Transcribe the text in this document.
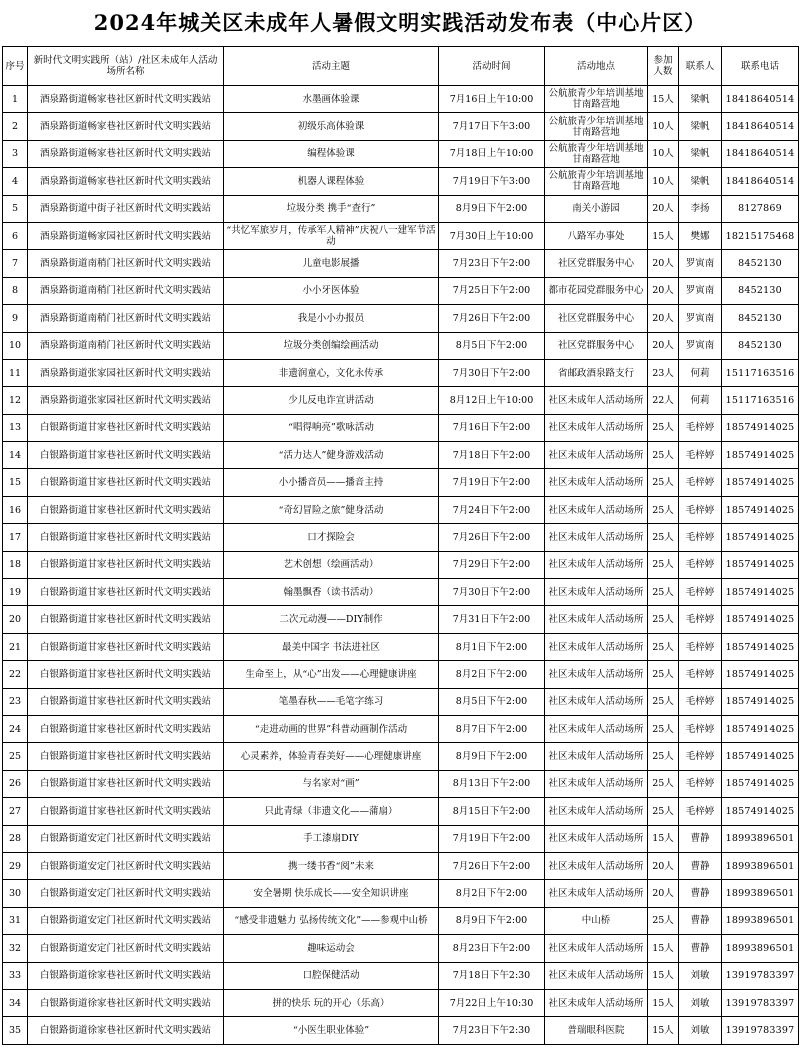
2024年城关区未成年人暑假文明实践活动发布表（中心片区）
序号	新时代文明实践所（站）/社区未成年人活动场所名称	活动主题	活动时间	活动地点	参加人数	联系人	联系电话
1	酒泉路街道畅家巷社区新时代文明实践站	水墨画体验课	7月16日上午10:00	公航旅青少年培训基地甘南路营地	15人	梁帆	18418640514
2	酒泉路街道畅家巷社区新时代文明实践站	初级乐高体验课	7月17日下午3:00	公航旅青少年培训基地甘南路营地	10人	梁帆	18418640514
3	酒泉路街道畅家巷社区新时代文明实践站	编程体验课	7月18日上午10:00	公航旅青少年培训基地甘南路营地	10人	梁帆	18418640514
4	酒泉路街道畅家巷社区新时代文明实践站	机器人课程体验	7月19日下午3:00	公航旅青少年培训基地甘南路营地	10人	梁帆	18418640514
5	酒泉路街道中街子社区新时代文明实践站	垃圾分类 携手“查行”	8月9日下午2:00	南关小游园	20人	李扬	8127869
6	酒泉路街道畅家园社区新时代文明实践站	“共忆军旅岁月，传承军人精神”庆祝八一建军节活动	7月30日上午10:00	八路军办事处	15人	樊娜	18215175468
7	酒泉路街道南稍门社区新时代文明实践站	儿童电影展播	7月23日下午2:00	社区党群服务中心	20人	罗寅南	8452130
8	酒泉路街道南稍门社区新时代文明实践站	小小牙医体验	7月25日下午2:00	都市花园党群服务中心	20人	罗寅南	8452130
9	酒泉路街道南稍门社区新时代文明实践站	我是小小办报员	7月26日下午2:00	社区党群服务中心	20人	罗寅南	8452130
10	酒泉路街道南稍门社区新时代文明实践站	垃圾分类创编绘画活动	8月5日下午2:00	社区党群服务中心	20人	罗寅南	8452130
11	酒泉路街道张家园社区新时代文明实践站	非遗润童心，文化永传承	7月30日下午2:00	省邮政酒泉路支行	23人	何莉	15117163516
12	酒泉路街道张家园社区新时代文明实践站	少儿反电诈宣讲活动	8月12日上午10:00	社区未成年人活动场所	22人	何莉	15117163516
13	白银路街道甘家巷社区新时代文明实践站	“唱得响亮”歌咏活动	7月16日下午2:00	社区未成年人活动场所	25人	毛梓婷	18574914025
14	白银路街道甘家巷社区新时代文明实践站	“活力达人”健身游戏活动	7月18日下午2:00	社区未成年人活动场所	25人	毛梓婷	18574914025
15	白银路街道甘家巷社区新时代文明实践站	小小播音员——播音主持	7月19日下午2:00	社区未成年人活动场所	25人	毛梓婷	18574914025
16	白银路街道甘家巷社区新时代文明实践站	“奇幻冒险之旅”健身活动	7月24日下午2:00	社区未成年人活动场所	25人	毛梓婷	18574914025
17	白银路街道甘家巷社区新时代文明实践站	口才探险会	7月26日下午2:00	社区未成年人活动场所	25人	毛梓婷	18574914025
18	白银路街道甘家巷社区新时代文明实践站	艺术创想（绘画活动）	7月29日下午2:00	社区未成年人活动场所	25人	毛梓婷	18574914025
19	白银路街道甘家巷社区新时代文明实践站	翰墨飘香（读书活动）	7月30日下午2:00	社区未成年人活动场所	25人	毛梓婷	18574914025
20	白银路街道甘家巷社区新时代文明实践站	二次元动漫——DIY制作	7月31日下午2:00	社区未成年人活动场所	25人	毛梓婷	18574914025
21	白银路街道甘家巷社区新时代文明实践站	最美中国字 书法进社区	8月1日下午2:00	社区未成年人活动场所	25人	毛梓婷	18574914025
22	白银路街道甘家巷社区新时代文明实践站	生命至上，从“心”出发——心理健康讲座	8月2日下午2:00	社区未成年人活动场所	25人	毛梓婷	18574914025
23	白银路街道甘家巷社区新时代文明实践站	笔墨春秋——毛笔字练习	8月5日下午2:00	社区未成年人活动场所	25人	毛梓婷	18574914025
24	白银路街道甘家巷社区新时代文明实践站	“走进动画的世界”科普动画制作活动	8月7日下午2:00	社区未成年人活动场所	25人	毛梓婷	18574914025
25	白银路街道甘家巷社区新时代文明实践站	心灵素养，体验青春美好——心理健康讲座	8月9日下午2:00	社区未成年人活动场所	25人	毛梓婷	18574914025
26	白银路街道甘家巷社区新时代文明实践站	与名家对“画”	8月13日下午2:00	社区未成年人活动场所	25人	毛梓婷	18574914025
27	白银路街道甘家巷社区新时代文明实践站	只此青绿（非遗文化——蒲扇）	8月15日下午2:00	社区未成年人活动场所	25人	毛梓婷	18574914025
28	白银路街道安定门社区新时代文明实践站	手工漆扇DIY	7月19日下午2:00	社区未成年人活动场所	15人	曹静	18993896501
29	白银路街道安定门社区新时代文明实践站	携一缕书香“阅”未来	7月26日下午2:00	社区未成年人活动场所	20人	曹静	18993896501
30	白银路街道安定门社区新时代文明实践站	安全暑期 快乐成长——安全知识讲座	8月2日下午2:00	社区未成年人活动场所	20人	曹静	18993896501
31	白银路街道安定门社区新时代文明实践站	“感受非遗魅力 弘扬传统文化”——参观中山桥	8月9日下午2:00	中山桥	25人	曹静	18993896501
32	白银路街道安定门社区新时代文明实践站	趣味运动会	8月23日下午2:00	社区未成年人活动场所	15人	曹静	18993896501
33	白银路街道徐家巷社区新时代文明实践站	口腔保健活动	7月18日下午2:30	社区未成年人活动场所	15人	刘敏	13919783397
34	白银路街道徐家巷社区新时代文明实践站	拼的快乐 玩的开心（乐高）	7月22日上午10:30	社区未成年人活动场所	15人	刘敏	13919783397
35	白银路街道徐家巷社区新时代文明实践站	“小医生职业体验”	7月23日下午2:30	普瑞眼科医院	15人	刘敏	13919783397
